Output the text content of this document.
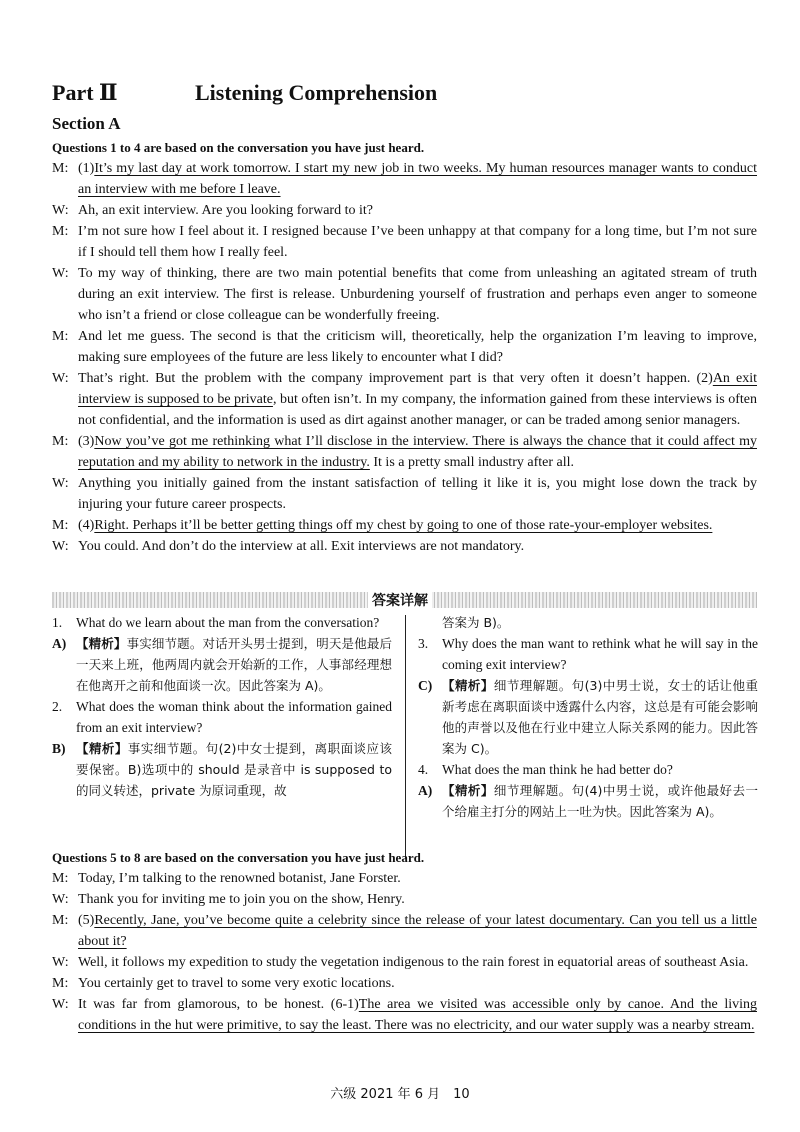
Part Ⅱ	Listening Comprehension
Section A
Questions 1 to 4 are based on the conversation you have just heard.
M: (1)It’s my last day at work tomorrow. I start my new job in two weeks. My human resources manager wants to conduct an interview with me before I leave.
W: Ah, an exit interview. Are you looking forward to it?
M: I’m not sure how I feel about it. I resigned because I’ve been unhappy at that company for a long time, but I’m not sure if I should tell them how I really feel.
W: To my way of thinking, there are two main potential benefits that come from unleashing an agitated stream of truth during an exit interview. The first is release. Unburdening yourself of frustration and perhaps even anger to someone who isn’t a friend or close colleague can be wonderfully freeing.
M: And let me guess. The second is that the criticism will, theoretically, help the organization I’m leaving to improve, making sure employees of the future are less likely to encounter what I did?
W: That’s right. But the problem with the company improvement part is that very often it doesn’t happen. (2)An exit interview is supposed to be private, but often isn’t. In my company, the information gained from these interviews is often not confidential, and the information is used as dirt against another manager, or can be traded among senior managers.
M: (3)Now you’ve got me rethinking what I’ll disclose in the interview. There is always the chance that it could affect my reputation and my ability to network in the industry. It is a pretty small industry after all.
W: Anything you initially gained from the instant satisfaction of telling it like it is, you might lose down the track by injuring your future career prospects.
M: (4)Right. Perhaps it’ll be better getting things off my chest by going to one of those rate-your-employer websites.
W: You could. And don’t do the interview at all. Exit interviews are not mandatory.
答案详解
1.	What do we learn about the man from the conversation?
A) 【精析】事实细节题。对话开头男士提到，明天是他最后一天来上班，他两周内就会开始新的工作，人事部经理想在他离开之前和他面谈一次。因此答案为 A)。
2.	What does the woman think about the information gained from an exit interview?
B) 【精析】事实细节题。句(2)中女士提到，离职面谈应该要保密。B)选项中的 should 是录音中 is supposed to 的同义转述，private 为原词重现，故
答案为 B)。
3.	Why does the man want to rethink what he will say in the coming exit interview?
C) 【精析】细节理解题。句(3)中男士说，女士的话让他重新考虑在离职面谈中透露什么内容，这总是有可能会影响他的声誉以及他在行业中建立人际关系网的能力。因此答案为 C)。
4.	What does the man think he had better do?
A) 【精析】细节理解题。句(4)中男士说，或许他最好去一个给雇主打分的网站上一吐为快。因此答案为 A)。
Questions 5 to 8 are based on the conversation you have just heard.
M: Today, I’m talking to the renowned botanist, Jane Forster.
W: Thank you for inviting me to join you on the show, Henry.
M: (5)Recently, Jane, you’ve become quite a celebrity since the release of your latest documentary. Can you tell us a little about it?
W: Well, it follows my expedition to study the vegetation indigenous to the rain forest in equatorial areas of southeast Asia.
M: You certainly get to travel to some very exotic locations.
W: It was far from glamorous, to be honest. (6-1)The area we visited was accessible only by canoe. And the living conditions in the hut were primitive, to say the least. There was no electricity, and our water supply was a nearby stream.
六级 2021 年 6 月　10
